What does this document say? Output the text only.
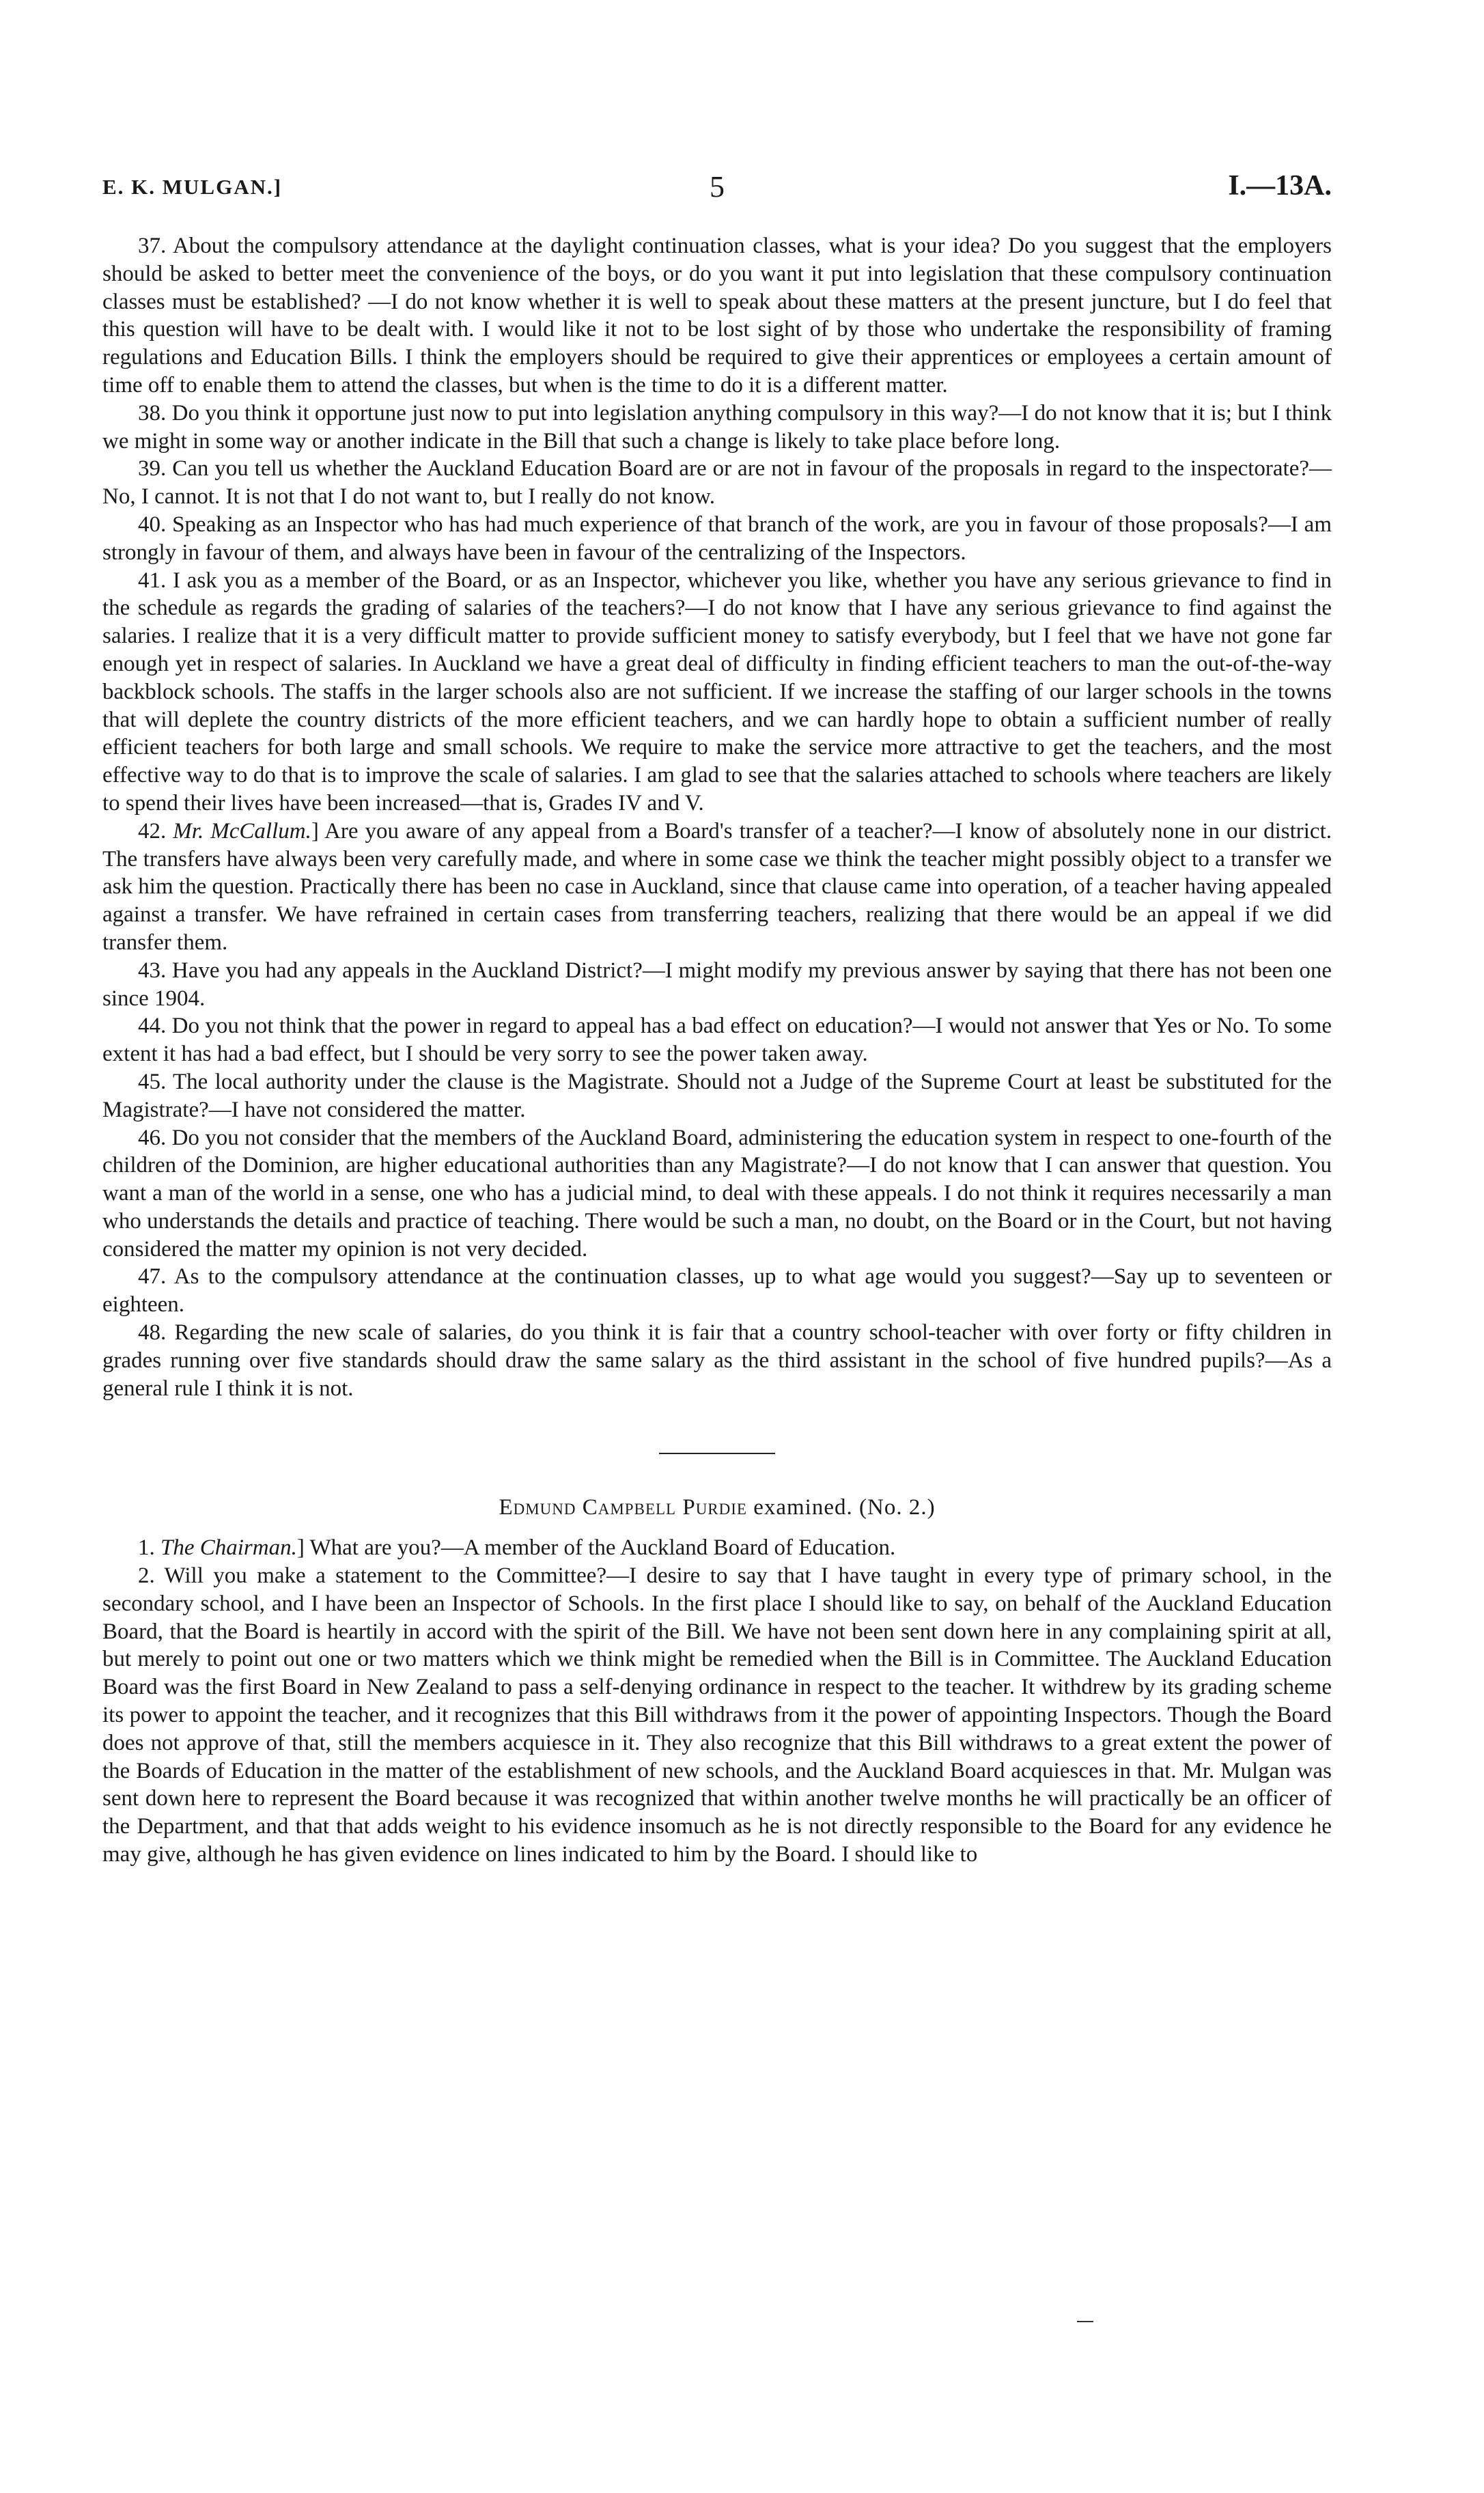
E. K. MULGAN.]	5	I.—13A.

37. About the compulsory attendance at the daylight continuation classes, what is your idea? Do you suggest that the employers should be asked to better meet the convenience of the boys, or do you want it put into legislation that these compulsory continuation classes must be established? —I do not know whether it is well to speak about these matters at the present juncture, but I do feel that this question will have to be dealt with. I would like it not to be lost sight of by those who undertake the responsibility of framing regulations and Education Bills. I think the employers should be required to give their apprentices or employees a certain amount of time off to enable them to attend the classes, but when is the time to do it is a different matter.

38. Do you think it opportune just now to put into legislation anything compulsory in this way?—I do not know that it is; but I think we might in some way or another indicate in the Bill that such a change is likely to take place before long.

39. Can you tell us whether the Auckland Education Board are or are not in favour of the proposals in regard to the inspectorate?—No, I cannot. It is not that I do not want to, but I really do not know.

40. Speaking as an Inspector who has had much experience of that branch of the work, are you in favour of those proposals?—I am strongly in favour of them, and always have been in favour of the centralizing of the Inspectors.

41. I ask you as a member of the Board, or as an Inspector, whichever you like, whether you have any serious grievance to find in the schedule as regards the grading of salaries of the teachers?—I do not know that I have any serious grievance to find against the salaries. I realize that it is a very difficult matter to provide sufficient money to satisfy everybody, but I feel that we have not gone far enough yet in respect of salaries. In Auckland we have a great deal of difficulty in finding efficient teachers to man the out-of-the-way backblock schools. The staffs in the larger schools also are not sufficient. If we increase the staffing of our larger schools in the towns that will deplete the country districts of the more efficient teachers, and we can hardly hope to obtain a sufficient number of really efficient teachers for both large and small schools. We require to make the service more attractive to get the teachers, and the most effective way to do that is to improve the scale of salaries. I am glad to see that the salaries attached to schools where teachers are likely to spend their lives have been increased—that is, Grades IV and V.

42. Mr. McCallum.] Are you aware of any appeal from a Board's transfer of a teacher?—I know of absolutely none in our district. The transfers have always been very carefully made, and where in some case we think the teacher might possibly object to a transfer we ask him the question. Practically there has been no case in Auckland, since that clause came into operation, of a teacher having appealed against a transfer. We have refrained in certain cases from transferring teachers, realizing that there would be an appeal if we did transfer them.

43. Have you had any appeals in the Auckland District?—I might modify my previous answer by saying that there has not been one since 1904.

44. Do you not think that the power in regard to appeal has a bad effect on education?—I would not answer that Yes or No. To some extent it has had a bad effect, but I should be very sorry to see the power taken away.

45. The local authority under the clause is the Magistrate. Should not a Judge of the Supreme Court at least be substituted for the Magistrate?—I have not considered the matter.

46. Do you not consider that the members of the Auckland Board, administering the education system in respect to one-fourth of the children of the Dominion, are higher educational authorities than any Magistrate?—I do not know that I can answer that question. You want a man of the world in a sense, one who has a judicial mind, to deal with these appeals. I do not think it requires necessarily a man who understands the details and practice of teaching. There would be such a man, no doubt, on the Board or in the Court, but not having considered the matter my opinion is not very decided.

47. As to the compulsory attendance at the continuation classes, up to what age would you suggest?—Say up to seventeen or eighteen.

48. Regarding the new scale of salaries, do you think it is fair that a country school-teacher with over forty or fifty children in grades running over five standards should draw the same salary as the third assistant in the school of five hundred pupils?—As a general rule I think it is not.

Edmund Campbell Purdie examined. (No. 2.)

1. The Chairman.] What are you?—A member of the Auckland Board of Education.

2. Will you make a statement to the Committee?—I desire to say that I have taught in every type of primary school, in the secondary school, and I have been an Inspector of Schools. In the first place I should like to say, on behalf of the Auckland Education Board, that the Board is heartily in accord with the spirit of the Bill. We have not been sent down here in any complaining spirit at all, but merely to point out one or two matters which we think might be remedied when the Bill is in Committee. The Auckland Education Board was the first Board in New Zealand to pass a self-denying ordinance in respect to the teacher. It withdrew by its grading scheme its power to appoint the teacher, and it recognizes that this Bill withdraws from it the power of appointing Inspectors. Though the Board does not approve of that, still the members acquiesce in it. They also recognize that this Bill withdraws to a great extent the power of the Boards of Education in the matter of the establishment of new schools, and the Auckland Board acquiesces in that. Mr. Mulgan was sent down here to represent the Board because it was recognized that within another twelve months he will practically be an officer of the Department, and that that adds weight to his evidence insomuch as he is not directly responsible to the Board for any evidence he may give, although he has given evidence on lines indicated to him by the Board. I should like to
